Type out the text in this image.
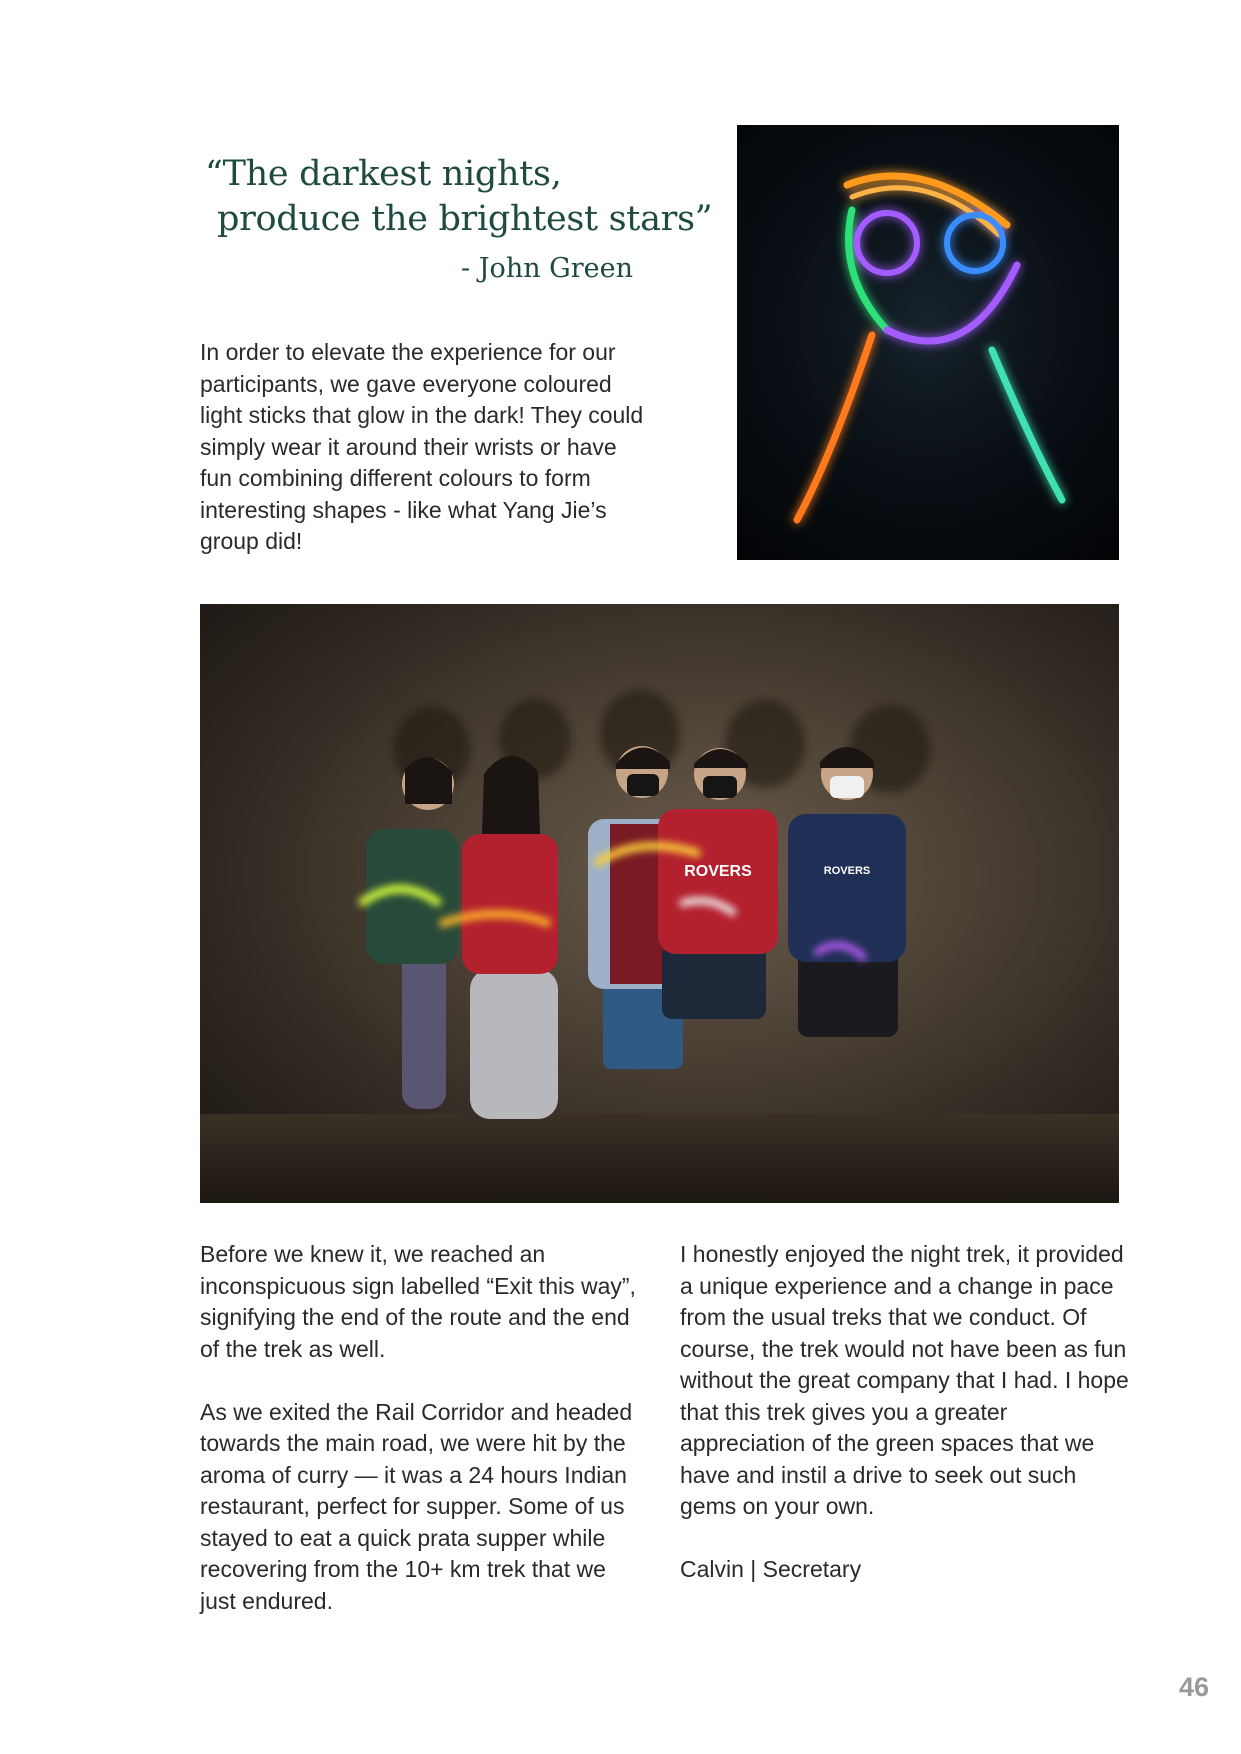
“The darkest nights,
produce the brightest stars”
- John Green

In order to elevate the experience for our participants, we gave everyone coloured light sticks that glow in the dark! They could simply wear it around their wrists or have fun combining different colours to form interesting shapes - like what Yang Jie’s group did!

ROVERS	ROVERS

Before we knew it, we reached an inconspicuous sign labelled “Exit this way”, signifying the end of the route and the end of the trek as well.

As we exited the Rail Corridor and headed towards the main road, we were hit by the aroma of curry — it was a 24 hours Indian restaurant, perfect for supper. Some of us stayed to eat a quick prata supper while recovering from the 10+ km trek that we just endured.

I honestly enjoyed the night trek, it provided a unique experience and a change in pace from the usual treks that we conduct. Of course, the trek would not have been as fun without the great company that I had. I hope that this trek gives you a greater appreciation of the green spaces that we have and instil a drive to seek out such gems on your own.

Calvin | Secretary

46
